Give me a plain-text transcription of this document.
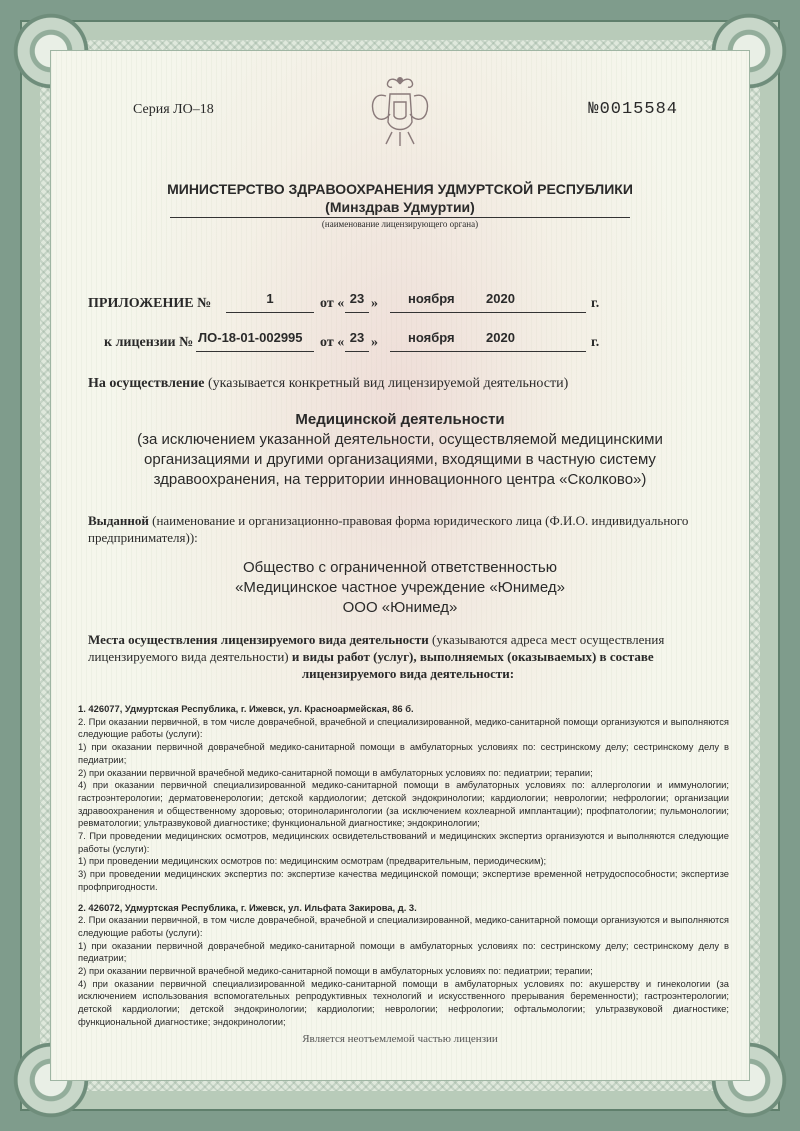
Серия ЛО–18	№0015584
МИНИСТЕРСТВО ЗДРАВООХРАНЕНИЯ УДМУРТСКОЙ РЕСПУБЛИКИ
(Минздрав Удмуртии)
(наименование лицензирующего органа)
ПРИЛОЖЕНИЕ №	1	от « 23 » ноября 2020	г.
к лицензии № ЛО-18-01-002995 от « 23 » ноября 2020	г.
На осуществление (указывается конкретный вид лицензируемой деятельности)
Медицинской деятельности
(за исключением указанной деятельности, осуществляемой медицинскими
организациями и другими организациями, входящими в частную систему
здравоохранения, на территории инновационного центра «Сколково»)
Выданной (наименование и организационно-правовая форма юридического лица (Ф.И.О. индивидуального предпринимателя)):
Общество с ограниченной ответственностью
«Медицинское частное учреждение «Юнимед»
ООО «Юнимед»
Места осуществления лицензируемого вида деятельности (указываются адреса мест осуществления лицензируемого вида деятельности) и виды работ (услуг), выполняемых (оказываемых) в составе
лицензируемого вида деятельности:

1. 426077, Удмуртская Республика, г. Ижевск, ул. Красноармейская, 86 б.

2. При оказании первичной, в том числе доврачебной, врачебной и специализированной, медико-санитарной помощи организуются и выполняются следующие работы (услуги):

1) при оказании первичной доврачебной медико-санитарной помощи в амбулаторных условиях по: сестринскому делу; сестринскому делу в педиатрии;

2) при оказании первичной врачебной медико-санитарной помощи в амбулаторных условиях по: педиатрии; терапии;

4) при оказании первичной специализированной медико-санитарной помощи в амбулаторных условиях по: аллергологии и иммунологии; гастроэнтерологии; дерматовенерологии; детской кардиологии; детской эндокринологии; кардиологии; неврологии; нефрологии; организации здравоохранения и общественному здоровью; оториноларингологии (за исключением кохлеарной имплантации); профпатологии; пульмонологии; ревматологии; ультразвуковой диагностике; функциональной диагностике; эндокринологии;

7. При проведении медицинских осмотров, медицинских освидетельствований и медицинских экспертиз организуются и выполняются следующие работы (услуги):

1) при проведении медицинских осмотров по: медицинским осмотрам (предварительным, периодическим);

3) при проведении медицинских экспертиз по: экспертизе качества медицинской помощи; экспертизе временной нетрудоспособности; экспертизе профпригодности.

2. 426072, Удмуртская Республика, г. Ижевск, ул. Ильфата Закирова, д. 3.

2. При оказании первичной, в том числе доврачебной, врачебной и специализированной, медико-санитарной помощи организуются и выполняются следующие работы (услуги):

1) при оказании первичной доврачебной медико-санитарной помощи в амбулаторных условиях по: сестринскому делу; сестринскому делу в педиатрии;

2) при оказании первичной врачебной медико-санитарной помощи в амбулаторных условиях по: педиатрии; терапии;

4) при оказании первичной специализированной медико-санитарной помощи в амбулаторных условиях по: акушерству и гинекологии (за исключением использования вспомогательных репродуктивных технологий и искусственного прерывания беременности); гастроэнтерологии; детской кардиологии; детской эндокринологии; кардиологии; неврологии; нефрологии; офтальмологии; ультразвуковой диагностике; функциональной диагностике; эндокринологии;

Является неотъемлемой частью лицензии
